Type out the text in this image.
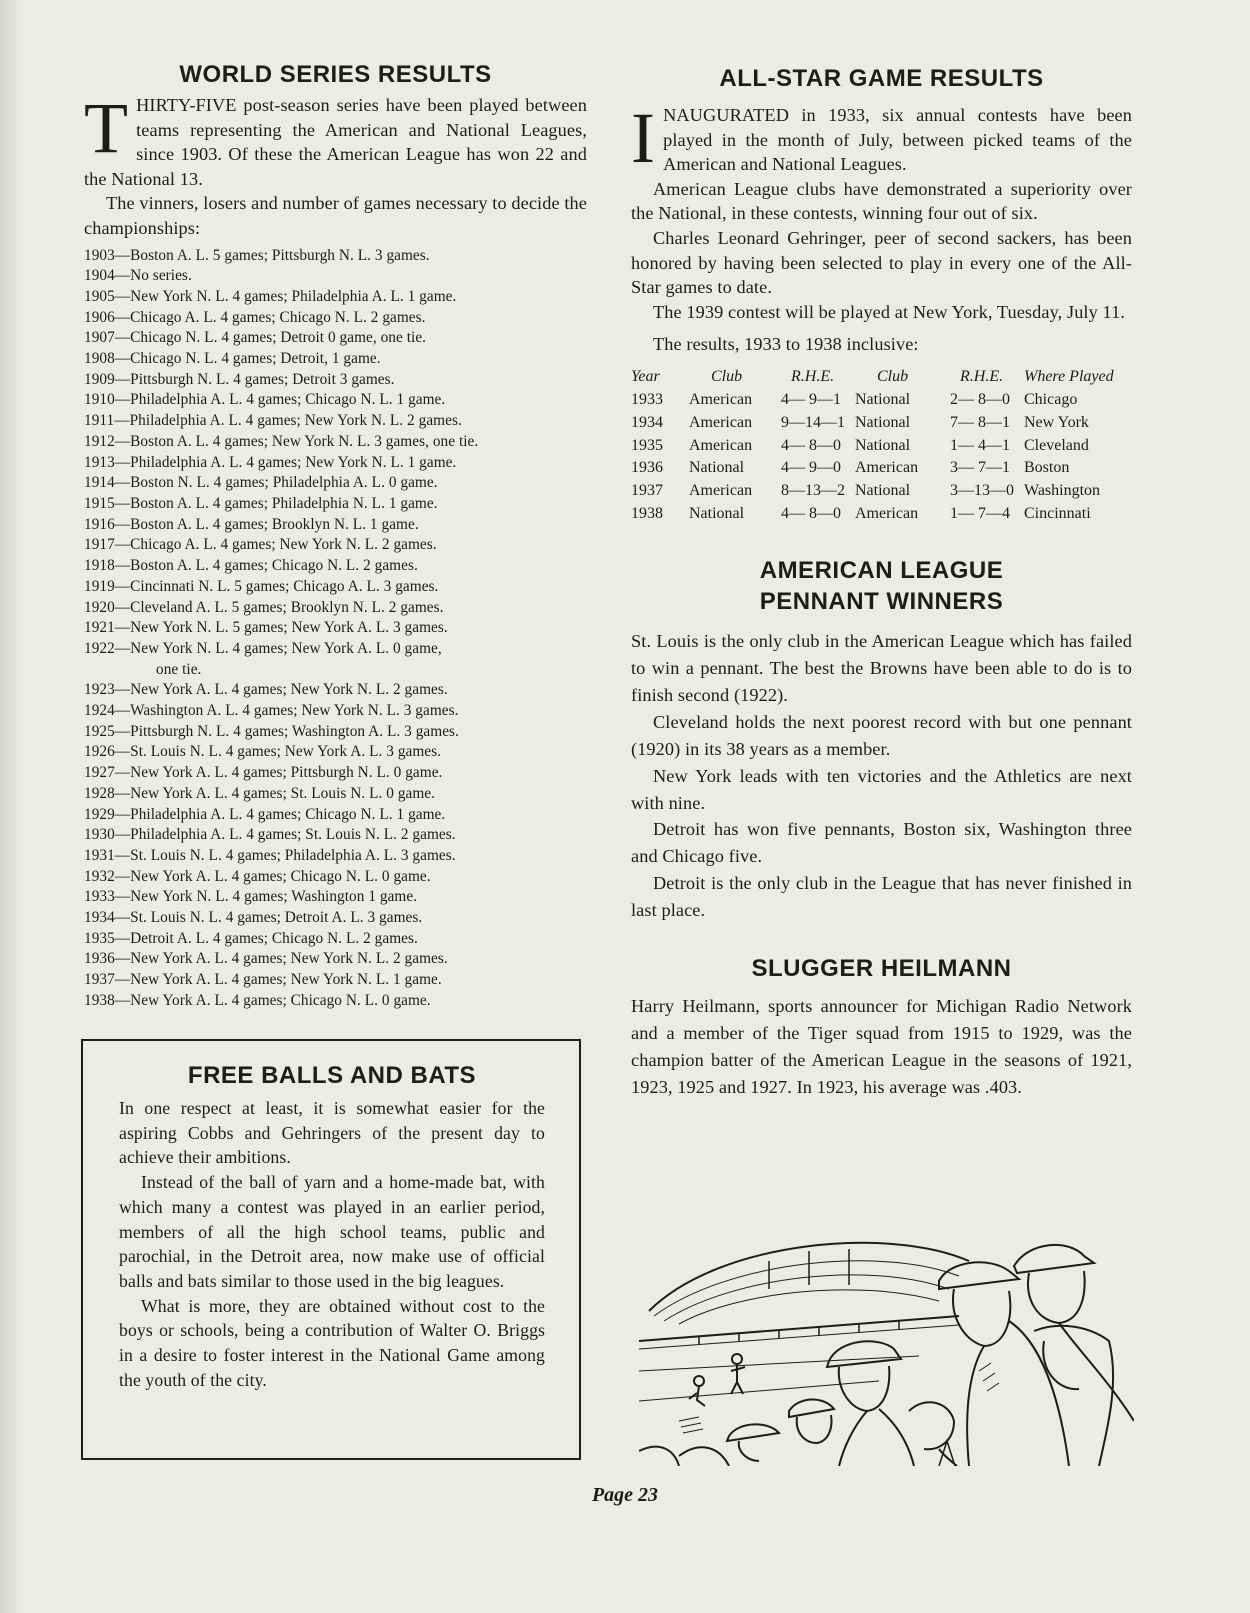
WORLD SERIES RESULTS
THIRTY-FIVE post-season series have been played between teams representing the American and National Leagues, since 1903. Of these the American League has won 22 and the National 13.
The vinners, losers and number of games necessary to decide the championships:
1903—Boston A. L. 5 games; Pittsburgh N. L. 3 games.
1904—No series.
1905—New York N. L. 4 games; Philadelphia A. L. 1 game.
1906—Chicago A. L. 4 games; Chicago N. L. 2 games.
1907—Chicago N. L. 4 games; Detroit 0 game, one tie.
1908—Chicago N. L. 4 games; Detroit, 1 game.
1909—Pittsburgh N. L. 4 games; Detroit 3 games.
1910—Philadelphia A. L. 4 games; Chicago N. L. 1 game.
1911—Philadelphia A. L. 4 games; New York N. L. 2 games.
1912—Boston A. L. 4 games; New York N. L. 3 games, one tie.
1913—Philadelphia A. L. 4 games; New York N. L. 1 game.
1914—Boston N. L. 4 games; Philadelphia A. L. 0 game.
1915—Boston A. L. 4 games; Philadelphia N. L. 1 game.
1916—Boston A. L. 4 games; Brooklyn N. L. 1 game.
1917—Chicago A. L. 4 games; New York N. L. 2 games.
1918—Boston A. L. 4 games; Chicago N. L. 2 games.
1919—Cincinnati N. L. 5 games; Chicago A. L. 3 games.
1920—Cleveland A. L. 5 games; Brooklyn N. L. 2 games.
1921—New York N. L. 5 games; New York A. L. 3 games.
1922—New York N. L. 4 games; New York A. L. 0 game,
one tie.
1923—New York A. L. 4 games; New York N. L. 2 games.
1924—Washington A. L. 4 games; New York N. L. 3 games.
1925—Pittsburgh N. L. 4 games; Washington A. L. 3 games.
1926—St. Louis N. L. 4 games; New York A. L. 3 games.
1927—New York A. L. 4 games; Pittsburgh N. L. 0 game.
1928—New York A. L. 4 games; St. Louis N. L. 0 game.
1929—Philadelphia A. L. 4 games; Chicago N. L. 1 game.
1930—Philadelphia A. L. 4 games; St. Louis N. L. 2 games.
1931—St. Louis N. L. 4 games; Philadelphia A. L. 3 games.
1932—New York A. L. 4 games; Chicago N. L. 0 game.
1933—New York N. L. 4 games; Washington 1 game.
1934—St. Louis N. L. 4 games; Detroit A. L. 3 games.
1935—Detroit A. L. 4 games; Chicago N. L. 2 games.
1936—New York A. L. 4 games; New York N. L. 2 games.
1937—New York A. L. 4 games; New York N. L. 1 game.
1938—New York A. L. 4 games; Chicago N. L. 0 game.
FREE BALLS AND BATS
In one respect at least, it is somewhat easier for the aspiring Cobbs and Gehringers of the present day to achieve their ambitions.
Instead of the ball of yarn and a home-made bat, with which many a contest was played in an earlier period, members of all the high school teams, public and parochial, in the Detroit area, now make use of official balls and bats similar to those used in the big leagues.
What is more, they are obtained without cost to the boys or schools, being a contribution of Walter O. Briggs in a desire to foster interest in the National Game among the youth of the city.
ALL-STAR GAME RESULTS
INAUGURATED in 1933, six annual contests have been played in the month of July, between picked teams of the American and National Leagues.
American League clubs have demonstrated a superiority over the National, in these contests, winning four out of six.
Charles Leonard Gehringer, peer of second sackers, has been honored by having been selected to play in every one of the All-Star games to date.
The 1939 contest will be played at New York, Tuesday, July 11.
The results, 1933 to 1938 inclusive:
Year	Club	R.H.E.	Club	R.H.E.	Where Played
1933	American	4— 9—1	National	2— 8—0	Chicago
1934	American	9—14—1	National	7— 8—1	New York
1935	American	4— 8—0	National	1— 4—1	Cleveland
1936	National	4— 9—0	American	3— 7—1	Boston
1937	American	8—13—2	National	3—13—0	Washington
1938	National	4— 8—0	American	1— 7—4	Cincinnati
AMERICAN LEAGUE
PENNANT WINNERS
St. Louis is the only club in the American League which has failed to win a pennant. The best the Browns have been able to do is to finish second (1922).
Cleveland holds the next poorest record with but one pennant (1920) in its 38 years as a member.
New York leads with ten victories and the Athletics are next with nine.
Detroit has won five pennants, Boston six, Washington three and Chicago five.
Detroit is the only club in the League that has never finished in last place.
SLUGGER HEILMANN
Harry Heilmann, sports announcer for Michigan Radio Network and a member of the Tiger squad from 1915 to 1929, was the champion batter of the American League in the seasons of 1921, 1923, 1925 and 1927. In 1923, his average was .403.
Page 23
